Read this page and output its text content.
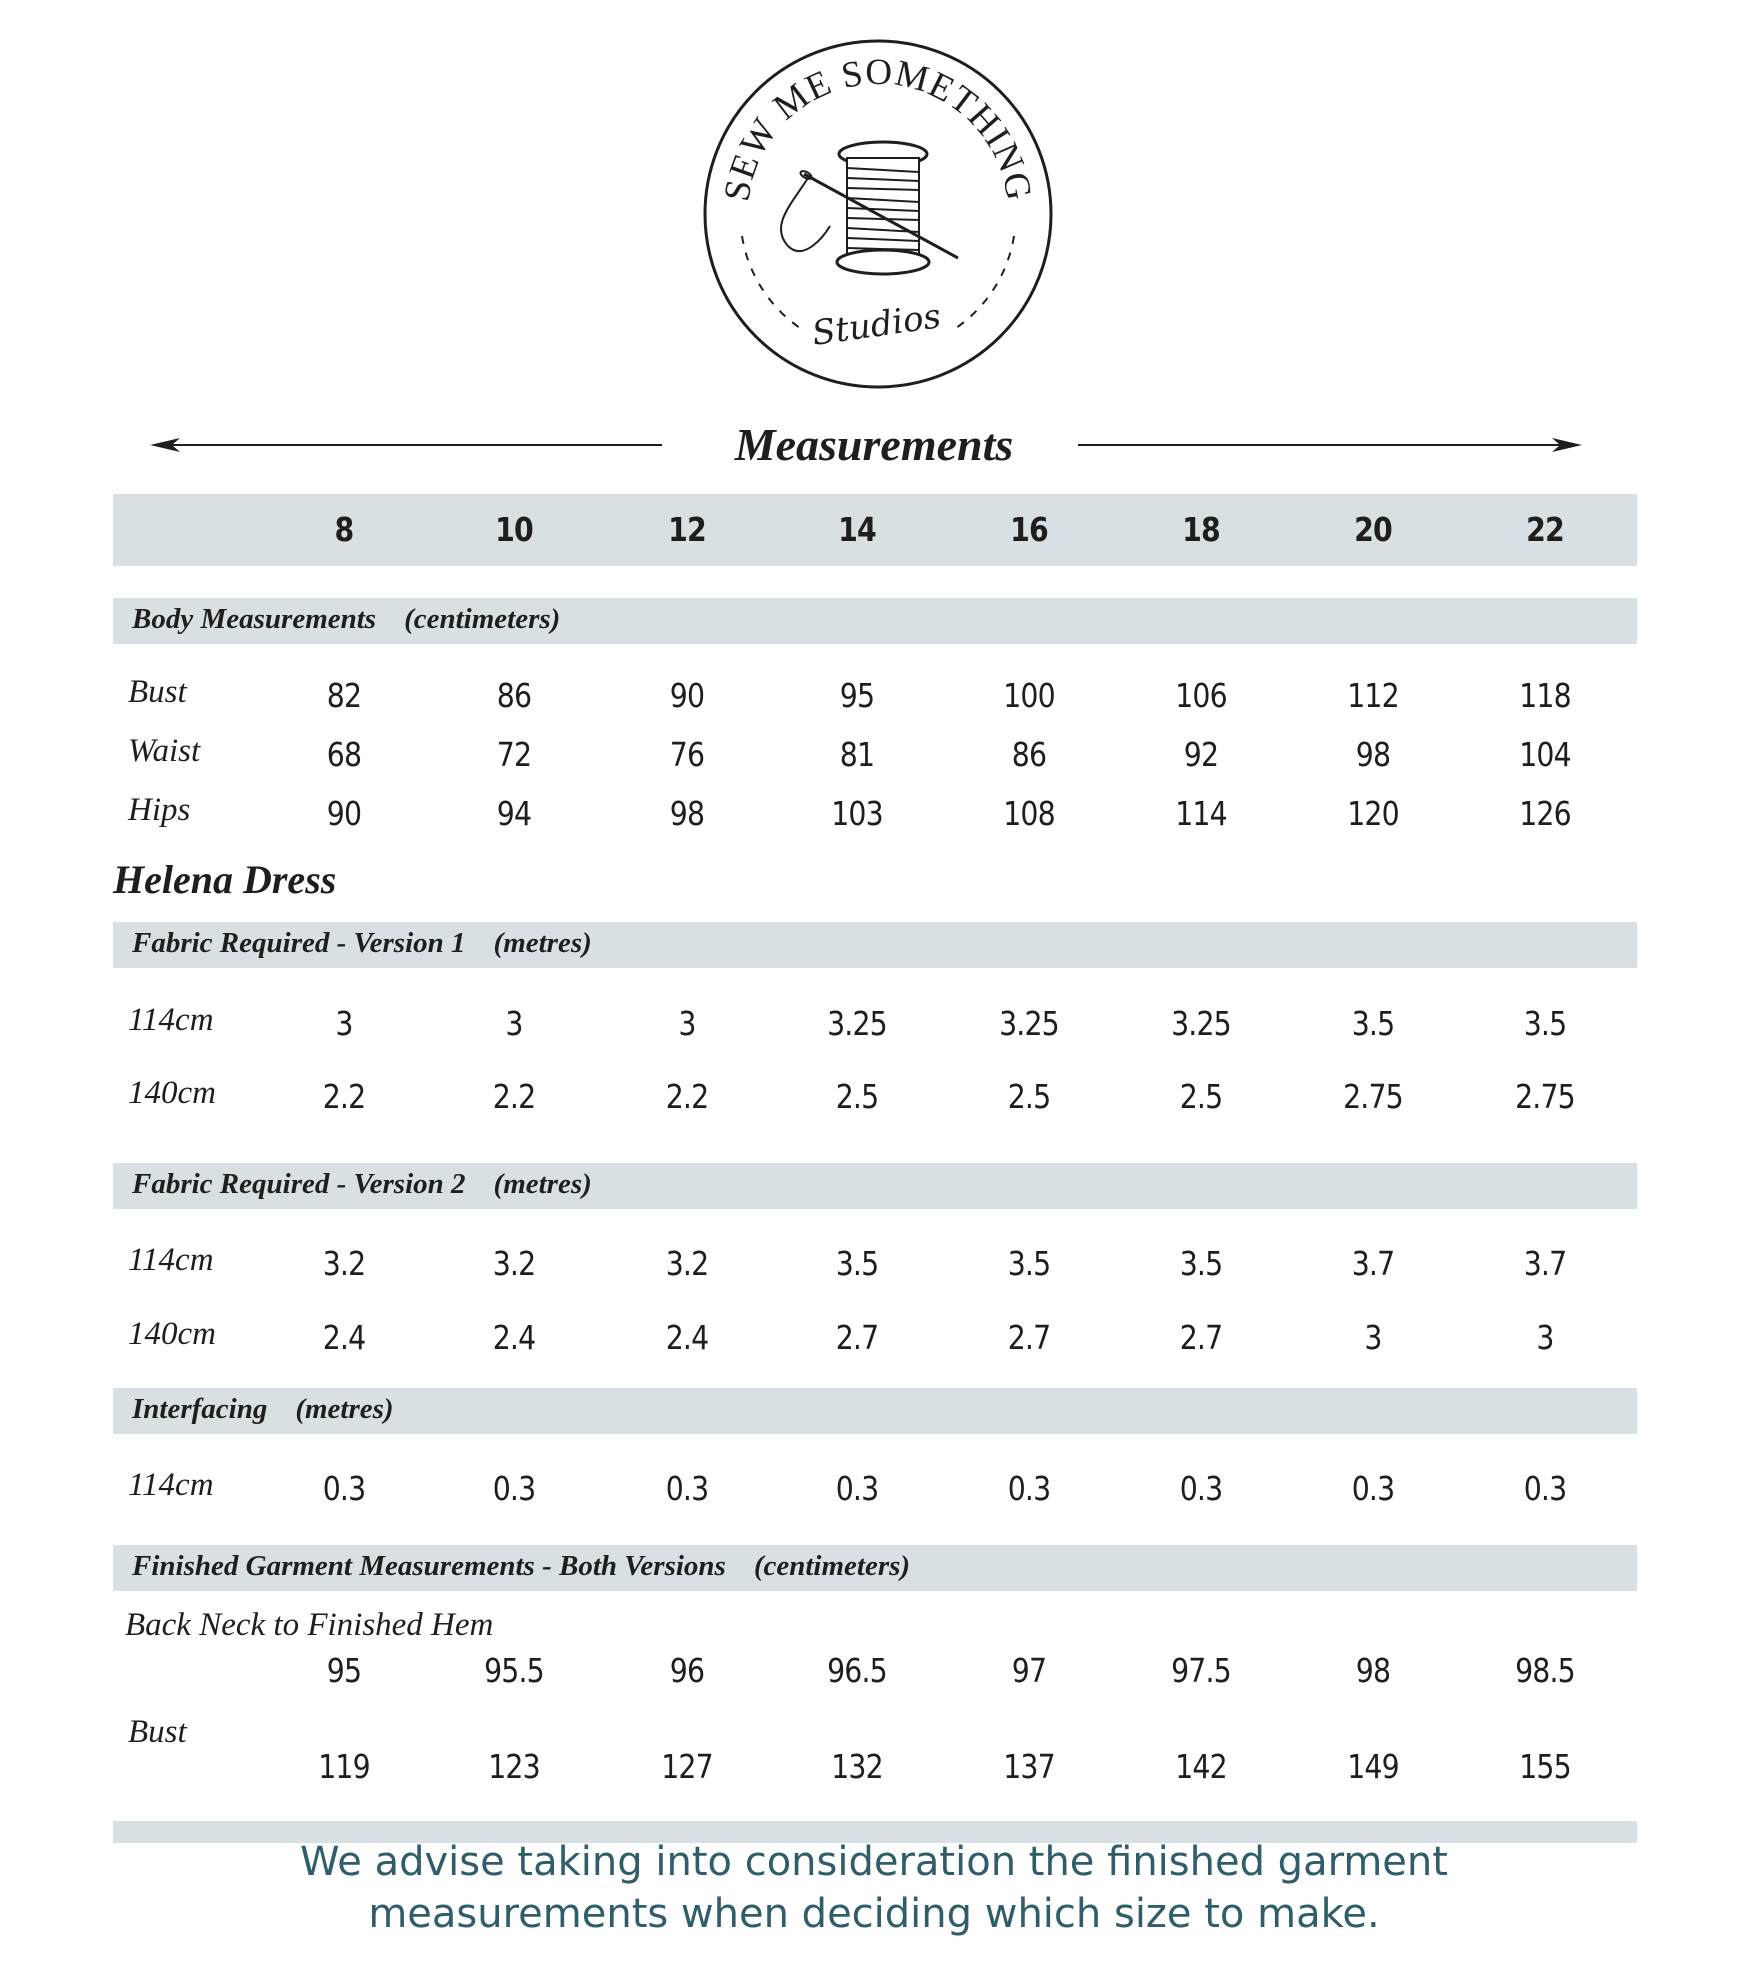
SEW ME SOMETHING
Studios
Measurements
8	10	12	14	16	18	20	22
Body Measurements (centimeters)
Bust	82	86	90	95	100	106	112	118
Waist	68	72	76	81	86	92	98	104
Hips	90	94	98	103	108	114	120	126
Helena Dress
Fabric Required - Version 1 (metres)
114cm	3	3	3	3.25	3.25	3.25	3.5	3.5
140cm	2.2	2.2	2.2	2.5	2.5	2.5	2.75	2.75
Fabric Required - Version 2 (metres)
114cm	3.2	3.2	3.2	3.5	3.5	3.5	3.7	3.7
140cm	2.4	2.4	2.4	2.7	2.7	2.7	3	3
Interfacing (metres)
114cm	0.3	0.3	0.3	0.3	0.3	0.3	0.3	0.3
Finished Garment Measurements - Both Versions (centimeters)
Back Neck to Finished Hem
95	95.5	96	96.5	97	97.5	98	98.5
Bust
119	123	127	132	137	142	149	155
We advise taking into consideration the finished garment
measurements when deciding which size to make.
